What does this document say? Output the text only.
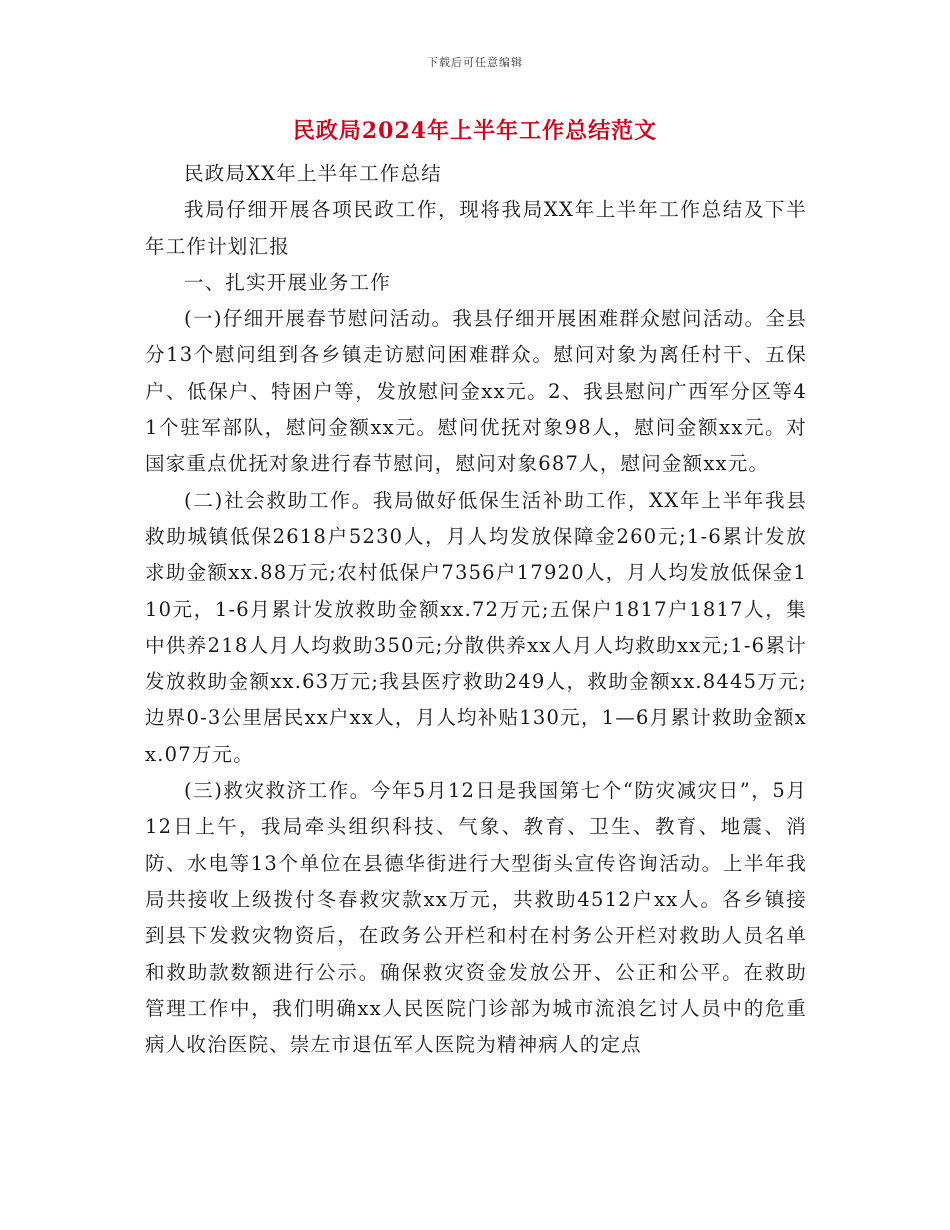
下载后可任意编辑
民政局2024年上半年工作总结范文

民政局XX年上半年工作总结

我局仔细开展各项民政工作，现将我局XX年上半年工作总结及下半年工作计划汇报

一、扎实开展业务工作

(一)仔细开展春节慰问活动。我县仔细开展困难群众慰问活动。全县分13个慰问组到各乡镇走访慰问困难群众。慰问对象为离任村干、五保户、低保户、特困户等，发放慰问金xx元。2、我县慰问广西军分区等41个驻军部队，慰问金额xx元。慰问优抚对象98人，慰问金额xx元。对国家重点优抚对象进行春节慰问，慰问对象687人，慰问金额xx元。

(二)社会救助工作。我局做好低保生活补助工作，XX年上半年我县救助城镇低保2618户5230人，月人均发放保障金260元;1-6累计发放求助金额xx.88万元;农村低保户7356户17920人，月人均发放低保金110元，1-6月累计发放救助金额xx.72万元;五保户1817户1817人，集中供养218人月人均救助350元;分散供养xx人月人均救助xx元;1-6累计发放救助金额xx.63万元;我县医疗救助249人，救助金额xx.8445万元;边界0-3公里居民xx户xx人，月人均补贴130元，1—6月累计救助金额xx.07万元。

(三)救灾救济工作。今年5月12日是我国第七个“防灾减灾日”，5月12日上午，我局牵头组织科技、气象、教育、卫生、教育、地震、消防、水电等13个单位在县德华街进行大型街头宣传咨询活动。上半年我局共接收上级拨付冬春救灾款xx万元，共救助4512户xx人。各乡镇接到县下发救灾物资后，在政务公开栏和村在村务公开栏对救助人员名单和救助款数额进行公示。确保救灾资金发放公开、公正和公平。在救助管理工作中，我们明确xx人民医院门诊部为城市流浪乞讨人员中的危重病人收治医院、崇左市退伍军人医院为精神病人的定点
